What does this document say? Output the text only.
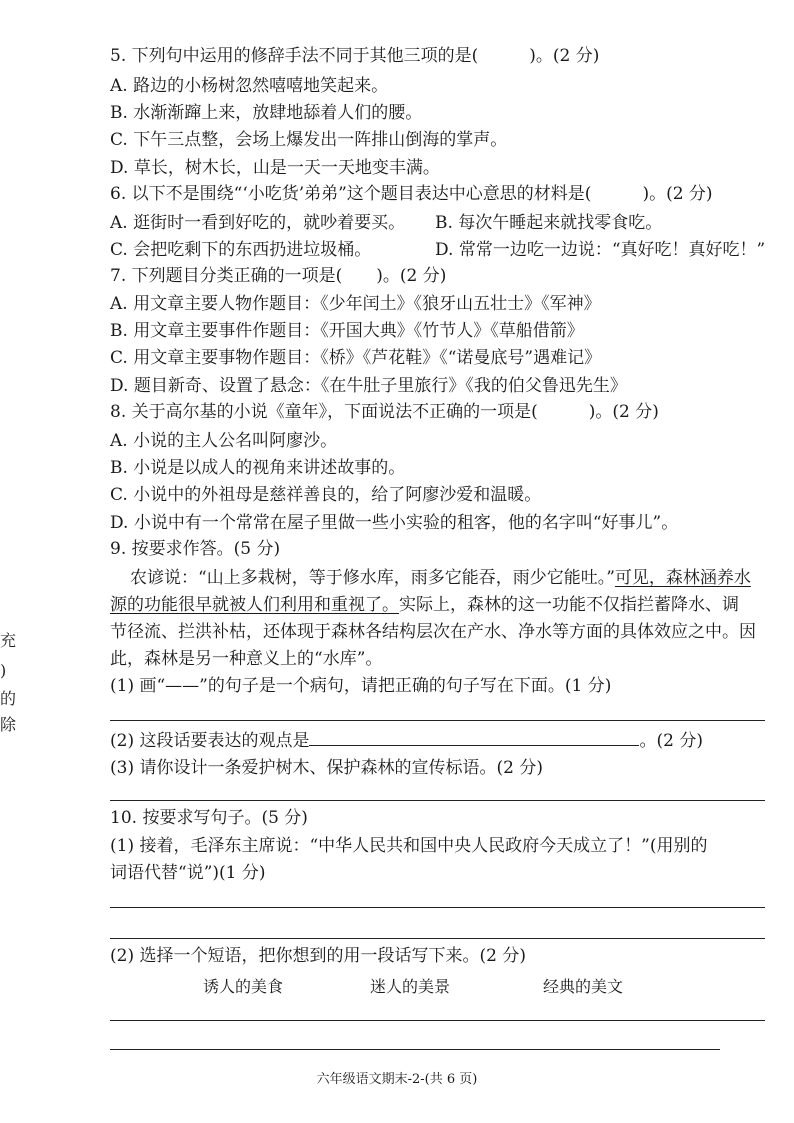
充
)
的
除
5. 下列句中运用的修辞手法不同于其他三项的是(　　　)。(2 分)
A. 路边的小杨树忽然嘻嘻地笑起来。
B. 水渐渐蹿上来，放肆地舔着人们的腰。
C. 下午三点整，会场上爆发出一阵排山倒海的掌声。
D. 草长，树木长，山是一天一天地变丰满。
6. 以下不是围绕“‘小吃货’弟弟”这个题目表达中心意思的材料是(　　　)。(2 分)
A. 逛街时一看到好吃的，就吵着要买。 B. 每次午睡起来就找零食吃。
C. 会把吃剩下的东西扔进垃圾桶。	D. 常常一边吃一边说：“真好吃！真好吃！”
7. 下列题目分类正确的一项是(　　)。(2 分)
A. 用文章主要人物作题目：《少年闰土》《狼牙山五壮士》《军神》
B. 用文章主要事件作题目：《开国大典》《竹节人》《草船借箭》
C. 用文章主要事物作题目：《桥》《芦花鞋》《“诺曼底号”遇难记》
D. 题目新奇、设置了悬念：《在牛肚子里旅行》《我的伯父鲁迅先生》
8. 关于高尔基的小说《童年》，下面说法不正确的一项是(　　　)。(2 分)
A. 小说的主人公名叫阿廖沙。
B. 小说是以成人的视角来讲述故事的。
C. 小说中的外祖母是慈祥善良的，给了阿廖沙爱和温暖。
D. 小说中有一个常常在屋子里做一些小实验的租客，他的名字叫“好事儿”。
9. 按要求作答。(5 分)
农谚说：“山上多栽树，等于修水库，雨多它能吞，雨少它能吐。”可见，森林涵养水
源的功能很早就被人们利用和重视了。实际上，森林的这一功能不仅指拦蓄降水、调
节径流、拦洪补枯，还体现于森林各结构层次在产水、净水等方面的具体效应之中。因
此，森林是另一种意义上的“水库”。
(1) 画“——”的句子是一个病句，请把正确的句子写在下面。(1 分)
(2) 这段话要表达的观点是	。(2 分)
(3) 请你设计一条爱护树木、保护森林的宣传标语。(2 分)
10. 按要求写句子。(5 分)
(1) 接着，毛泽东主席说：“中华人民共和国中央人民政府今天成立了！”(用别的
词语代替“说”)(1 分)
(2) 选择一个短语，把你想到的用一段话写下来。(2 分)
诱人的美食	迷人的美景	经典的美文
六年级语文期末-2-(共 6 页)
